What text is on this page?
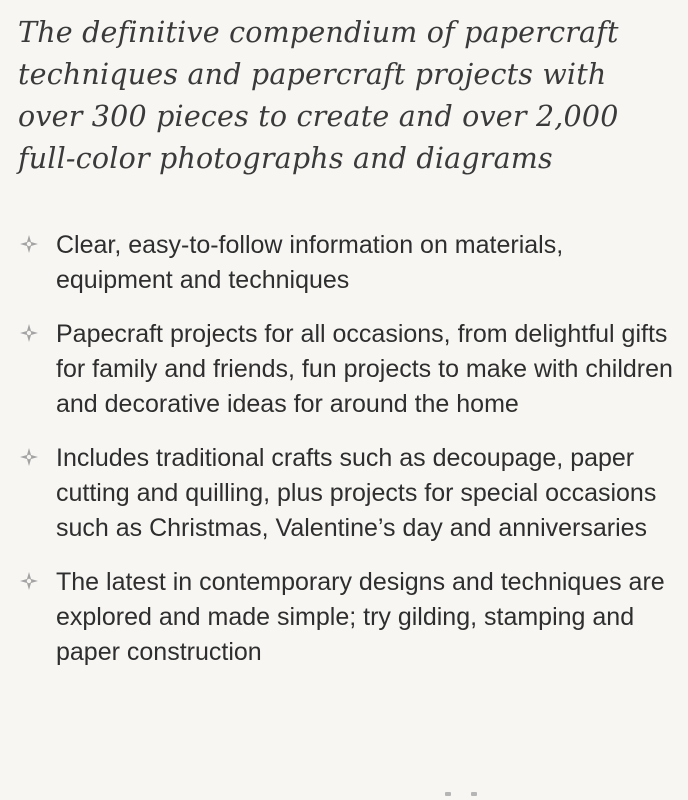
The definitive compendium of papercraft techniques and papercraft projects with over 300 pieces to create and over 2,000 full-color photographs and diagrams

Clear, easy-to-follow information on materials, equipment and techniques
Papecraft projects for all occasions, from delightful gifts for family and friends, fun projects to make with children and decorative ideas for around the home
Includes traditional crafts such as decoupage, paper cutting and quilling, plus projects for special occasions such as Christmas, Valentine’s day and anniversaries
The latest in contemporary designs and techniques are explored and made simple; try gilding, stamping and paper construction
